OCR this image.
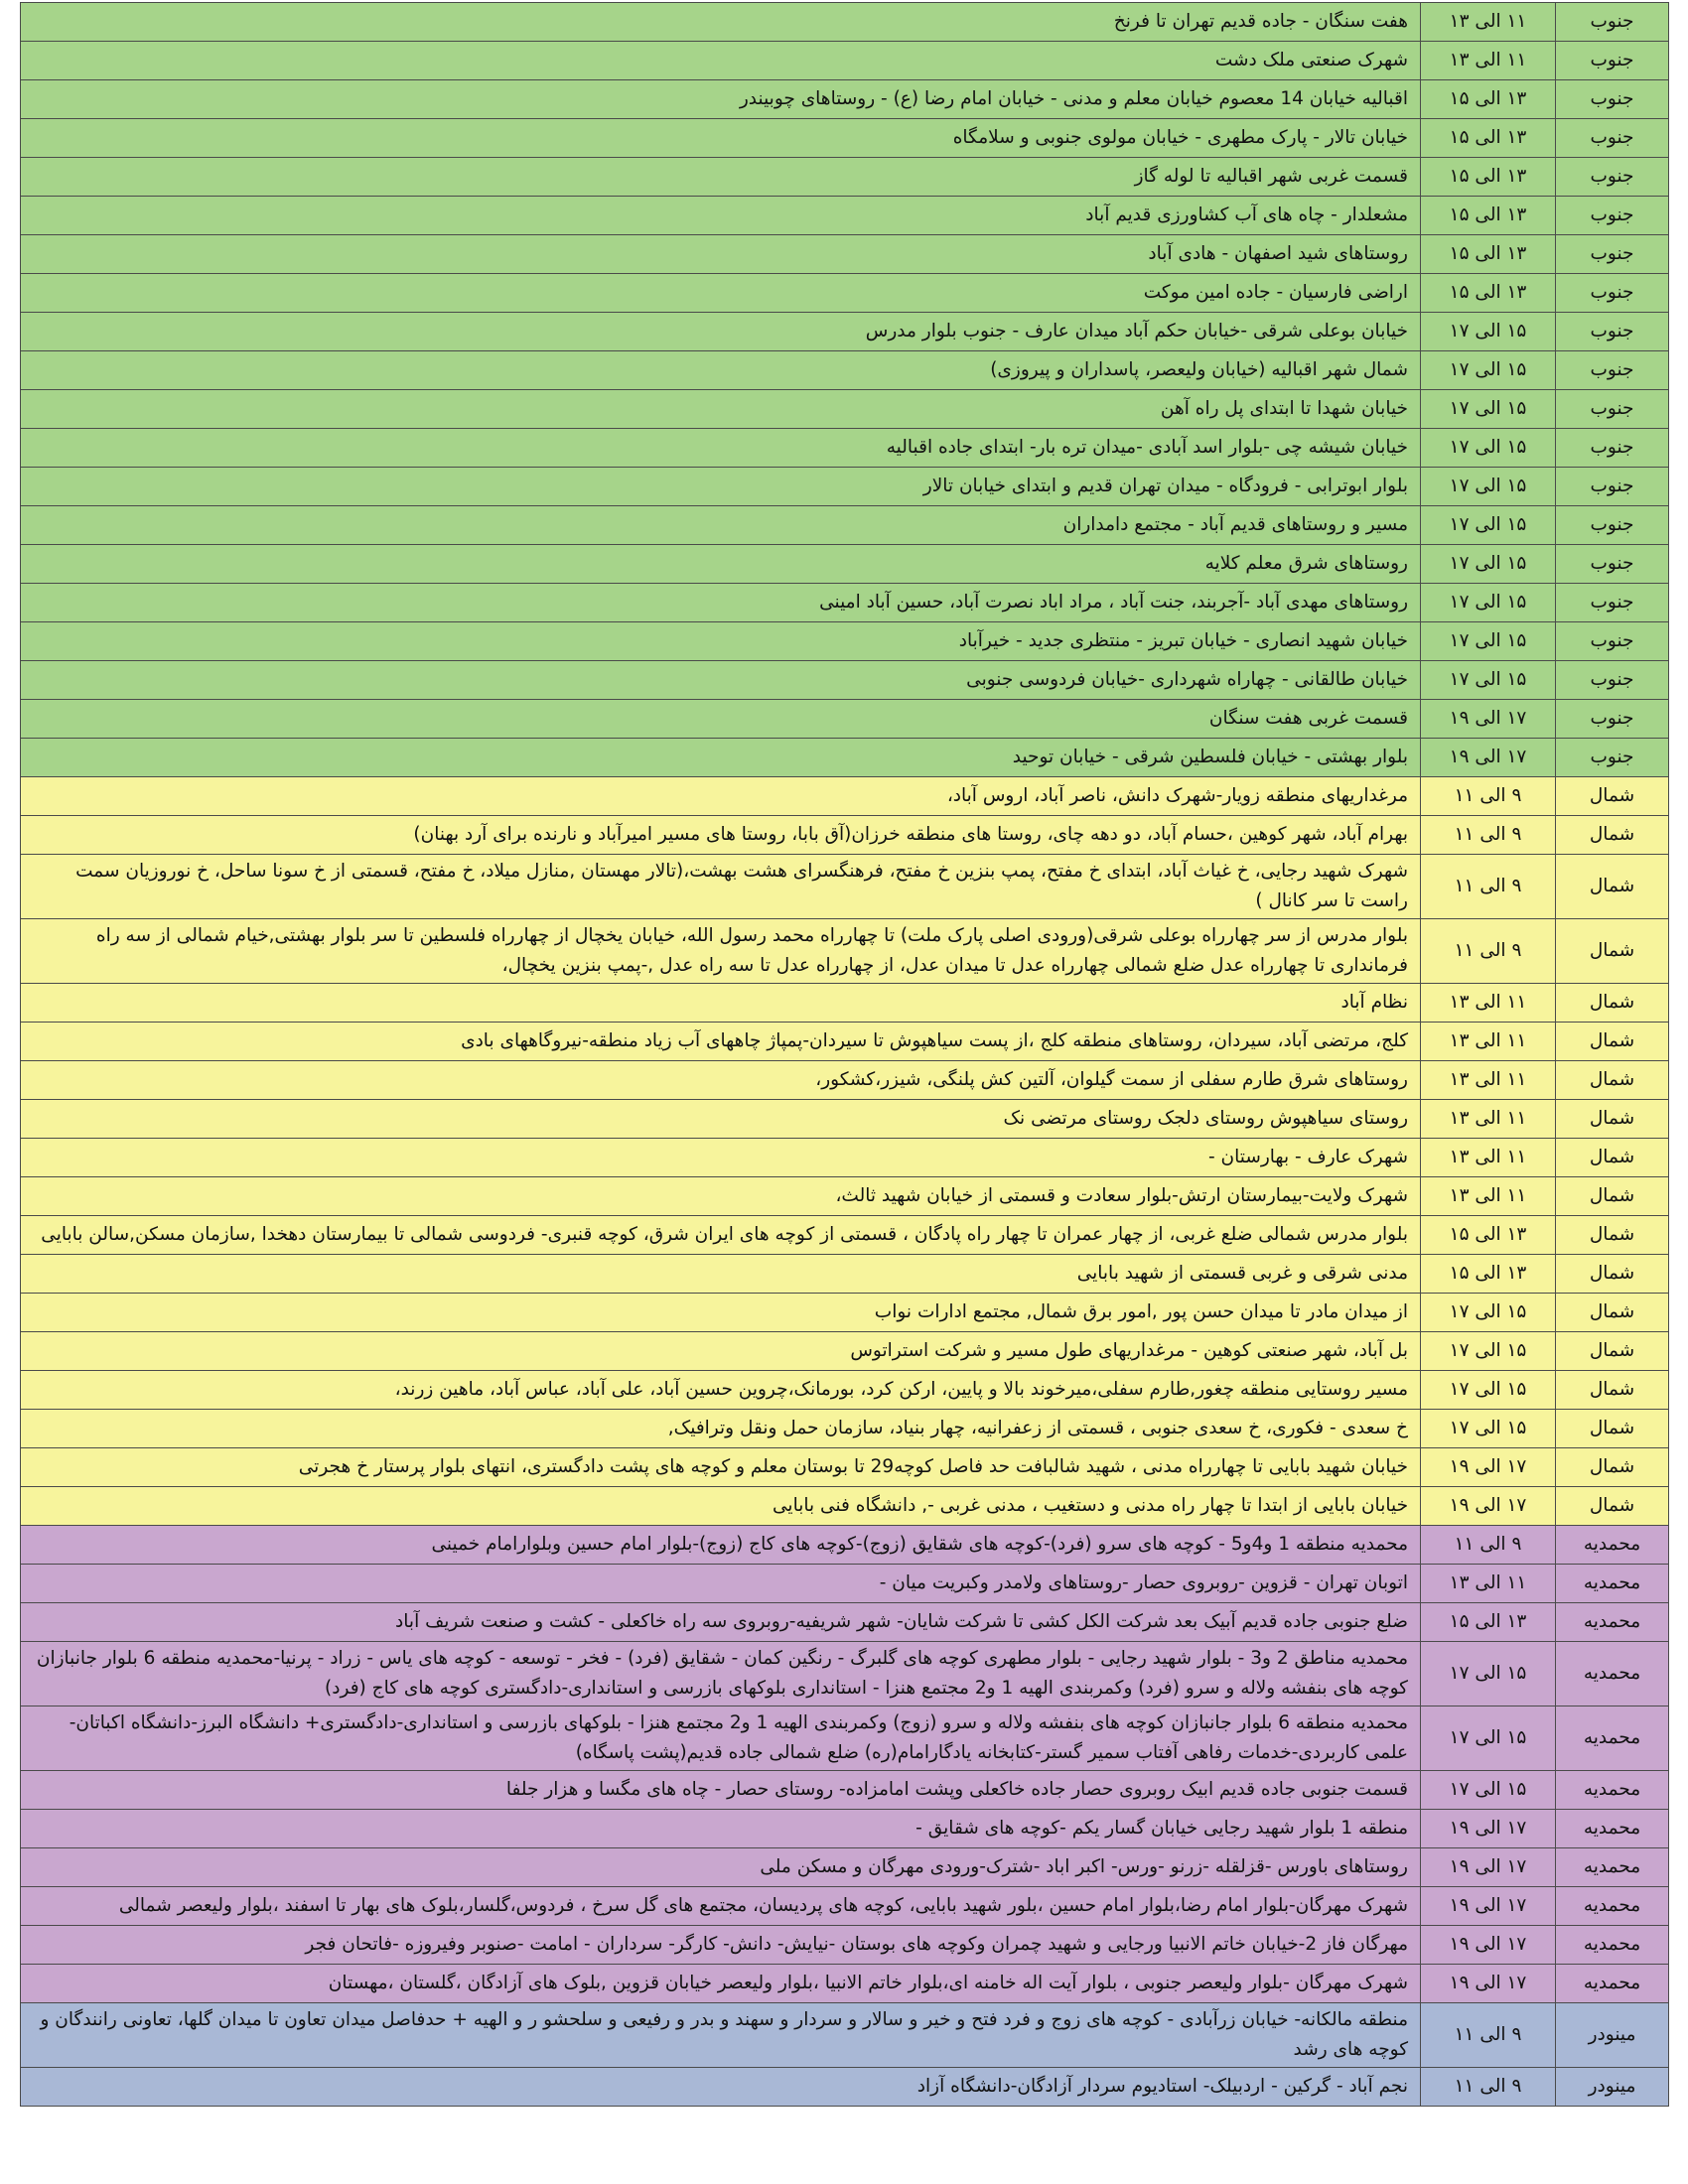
جنوب	۱۱ الی ۱۳	هفت سنگان - جاده قدیم تهران تا فرنخ
جنوب	۱۱ الی ۱۳	شهرک صنعتی ملک دشت
جنوب	۱۳ الی ۱۵	اقبالیه خیابان 14 معصوم خیابان معلم و مدنی - خیابان امام رضا (ع) - روستاهای چوبیندر
جنوب	۱۳ الی ۱۵	خیابان تالار - پارک مطهری - خیابان مولوی جنوبی و سلامگاه
جنوب	۱۳ الی ۱۵	قسمت غربی شهر اقبالیه تا لوله گاز
جنوب	۱۳ الی ۱۵	مشعلدار - چاه های آب کشاورزی قدیم آباد
جنوب	۱۳ الی ۱۵	روستاهای شید اصفهان - هادی آباد
جنوب	۱۳ الی ۱۵	اراضی فارسیان - جاده امین موکت
جنوب	۱۵ الی ۱۷	خیابان بوعلی شرقی -خیابان حکم آباد میدان عارف - جنوب بلوار مدرس
جنوب	۱۵ الی ۱۷	شمال شهر اقبالیه (خیابان ولیعصر، پاسداران و پیروزی)
جنوب	۱۵ الی ۱۷	خیابان شهدا تا ابتدای پل راه آهن
جنوب	۱۵ الی ۱۷	خیابان شیشه چی -بلوار اسد آبادی -میدان تره بار- ابتدای جاده اقبالیه
جنوب	۱۵ الی ۱۷	بلوار ابوترابی - فرودگاه - میدان تهران قدیم و ابتدای خیابان تالار
جنوب	۱۵ الی ۱۷	مسیر و روستاهای قدیم آباد - مجتمع دامداران
جنوب	۱۵ الی ۱۷	روستاهای شرق معلم کلایه
جنوب	۱۵ الی ۱۷	روستاهای مهدی آباد -آجربند، جنت آباد ، مراد اباد نصرت آباد، حسین آباد امینی
جنوب	۱۵ الی ۱۷	خیابان شهید انصاری - خیابان تبریز - منتظری جدید - خیرآباد
جنوب	۱۵ الی ۱۷	خیابان طالقانی - چهاراه شهرداری -خیابان فردوسی جنوبی
جنوب	۱۷ الی ۱۹	قسمت غربی هفت سنگان
جنوب	۱۷ الی ۱۹	بلوار بهشتی - خیابان فلسطین شرقی - خیابان توحید
شمال	۹ الی ۱۱	مرغداریهای منطقه زویار-شهرک دانش، ناصر آباد، اروس آباد،
شمال	۹ الی ۱۱	بهرام آباد، شهر کوهین ،حسام آباد، دو دهه چای، روستا های منطقه خرزان(آق بابا، روستا های مسیر امیرآباد و نارنده برای آرد بهنان)
شمال	۹ الی ۱۱	شهرک شهید رجایی، خ غیاث آباد، ابتدای خ مفتح، پمپ بنزین خ مفتح، فرهنگسرای هشت بهشت،(تالار مهستان ,منازل میلاد، خ مفتح، قسمتی از خ سونا ساحل، خ نوروزیان سمت راست تا سر کانال )
شمال	۹ الی ۱۱	بلوار مدرس از سر چهارراه بوعلی شرقی(ورودی اصلی پارک ملت) تا چهارراه محمد رسول الله، خیابان یخچال از چهارراه فلسطین تا سر بلوار بهشتی,خیام شمالی از سه راه فرمانداری تا چهارراه عدل ضلع شمالی چهارراه عدل تا میدان عدل، از چهارراه عدل تا سه راه عدل ,-پمپ بنزین یخچال،
شمال	۱۱ الی ۱۳	نظام آباد
شمال	۱۱ الی ۱۳	کلج، مرتضی آباد، سیردان، روستاهای منطقه کلج ،از پست سیاهپوش تا سیردان-پمپاژ چاههای آب زیاد منطقه-نیروگاههای بادی
شمال	۱۱ الی ۱۳	روستاهای شرق طارم سفلی از سمت گیلوان، آلتین کش پلنگی، شیزر،کشکور،
شمال	۱۱ الی ۱۳	روستای سیاهپوش روستای دلجک روستای مرتضی نک
شمال	۱۱ الی ۱۳	شهرک عارف - بهارستان -
شمال	۱۱ الی ۱۳	شهرک ولایت-بیمارستان ارتش-بلوار سعادت و قسمتی از خیابان شهید ثالث،
شمال	۱۳ الی ۱۵	بلوار مدرس شمالی ضلع غربی، از چهار عمران تا چهار راه پادگان ، قسمتی از کوچه های ایران شرق، کوچه قنبری- فردوسی شمالی تا بیمارستان دهخدا ,سازمان مسکن,سالن بابایی
شمال	۱۳ الی ۱۵	مدنی شرقی و غربی قسمتی از شهید بابایی
شمال	۱۵ الی ۱۷	از میدان مادر تا میدان حسن پور ,امور برق شمال, مجتمع ادارات نواب
شمال	۱۵ الی ۱۷	بل آباد، شهر صنعتی کوهین - مرغداریهای طول مسیر و شرکت استراتوس
شمال	۱۵ الی ۱۷	مسیر روستایی منطقه چغور,طارم سفلی،میرخوند بالا و پایین، ارکن کرد، بورمانک،چروین حسین آباد، علی آباد، عباس آباد، ماهین زرند،
شمال	۱۵ الی ۱۷	خ سعدی - فکوری، خ سعدی جنوبی ، قسمتی از زعفرانیه، چهار بنیاد، سازمان حمل ونقل وترافیک,
شمال	۱۷ الی ۱۹	خیابان شهید بابایی تا چهارراه مدنی ، شهید شالبافت حد فاصل کوچه29 تا بوستان معلم و کوچه های پشت دادگستری، انتهای بلوار پرستار خ هجرتی
شمال	۱۷ الی ۱۹	خیابان بابایی از ابتدا تا چهار راه مدنی و دستغیب ، مدنی غربی -, دانشگاه فنی بابایی
محمدیه	۹ الی ۱۱	محمدیه منطقه 1 و4و5 - کوچه های سرو (فرد)-کوچه های شقایق (زوج)-کوچه های کاج (زوج)-بلوار امام حسین وبلوارامام خمینی
محمدیه	۱۱ الی ۱۳	اتوبان تهران - قزوین -روبروی حصار -روستاهای ولامدر وکبریت میان -
محمدیه	۱۳ الی ۱۵	ضلع جنوبی جاده قدیم آبیک بعد شرکت الکل کشی تا شرکت شایان- شهر شریفیه-روبروی سه راه خاکعلی - کشت و صنعت شریف آباد
محمدیه	۱۵ الی ۱۷	محمدیه مناطق 2 و3 - بلوار شهید رجایی - بلوار مطهری کوچه های گلبرگ - رنگین کمان - شقایق (فرد) - فخر - توسعه - کوچه های یاس - زراد - پرنیا-محمدیه منطقه 6 بلوار جانبازان کوچه های بنفشه ولاله و سرو (فرد) وکمربندی الهیه 1 و2 مجتمع هنزا - استانداری بلوکهای بازرسی و استانداری-دادگستری کوچه های کاج (فرد)
محمدیه	۱۵ الی ۱۷	محمدیه منطقه 6 بلوار جانبازان کوچه های بنفشه ولاله و سرو (زوج) وکمربندی الهیه 1 و2 مجتمع هنزا - بلوکهای بازرسی و استانداری-دادگستری+ دانشگاه البرز-دانشگاه اکباتان-علمی کاربردی-خدمات رفاهی آفتاب سمیر گستر-کتابخانه یادگارامام(ره) ضلع شمالی جاده قدیم(پشت پاسگاه)
محمدیه	۱۵ الی ۱۷	قسمت جنوبی جاده قدیم ابیک روبروی حصار جاده خاکعلی وپشت امامزاده- روستای حصار - چاه های مگسا و هزار جلفا
محمدیه	۱۷ الی ۱۹	منطقه 1 بلوار شهید رجایی خیابان گسار یکم -کوچه های شقایق -
محمدیه	۱۷ الی ۱۹	روستاهای باورس -قزلقله -زرنو -ورس- اکبر اباد -شترک-ورودی مهرگان و مسکن ملی
محمدیه	۱۷ الی ۱۹	شهرک مهرگان-بلوار امام رضا،بلوار امام حسین ،بلور شهید بابایی، کوچه های پردیسان، مجتمع های گل سرخ ، فردوس،گلسار،بلوک های بهار تا اسفند ،بلوار ولیعصر شمالی
محمدیه	۱۷ الی ۱۹	مهرگان فاز 2-خیابان خاتم الانبیا ورجایی و شهید چمران وکوچه های بوستان -نیایش- دانش- کارگر- سرداران - امامت -صنوبر وفیروزه -فاتحان فجر
محمدیه	۱۷ الی ۱۹	شهرک مهرگان -بلوار ولیعصر جنوبی ، بلوار آیت اله خامنه ای،بلوار خاتم الانبیا ،بلوار ولیعصر خیابان قزوین ,بلوک های آزادگان ،گلستان ،مهستان
مینودر	۹ الی ۱۱	منطقه مالکانه- خیابان زرآبادی - کوچه های زوج و فرد فتح و خیر و سالار و سردار و سهند و بدر و رفیعی و سلحشو ر و الهیه + حدفاصل میدان تعاون تا میدان گلها، تعاونی رانندگان و کوچه های رشد
مینودر	۹ الی ۱۱	نجم آباد - گرکین - اردبیلک- استادیوم سردار آزادگان-دانشگاه آزاد
